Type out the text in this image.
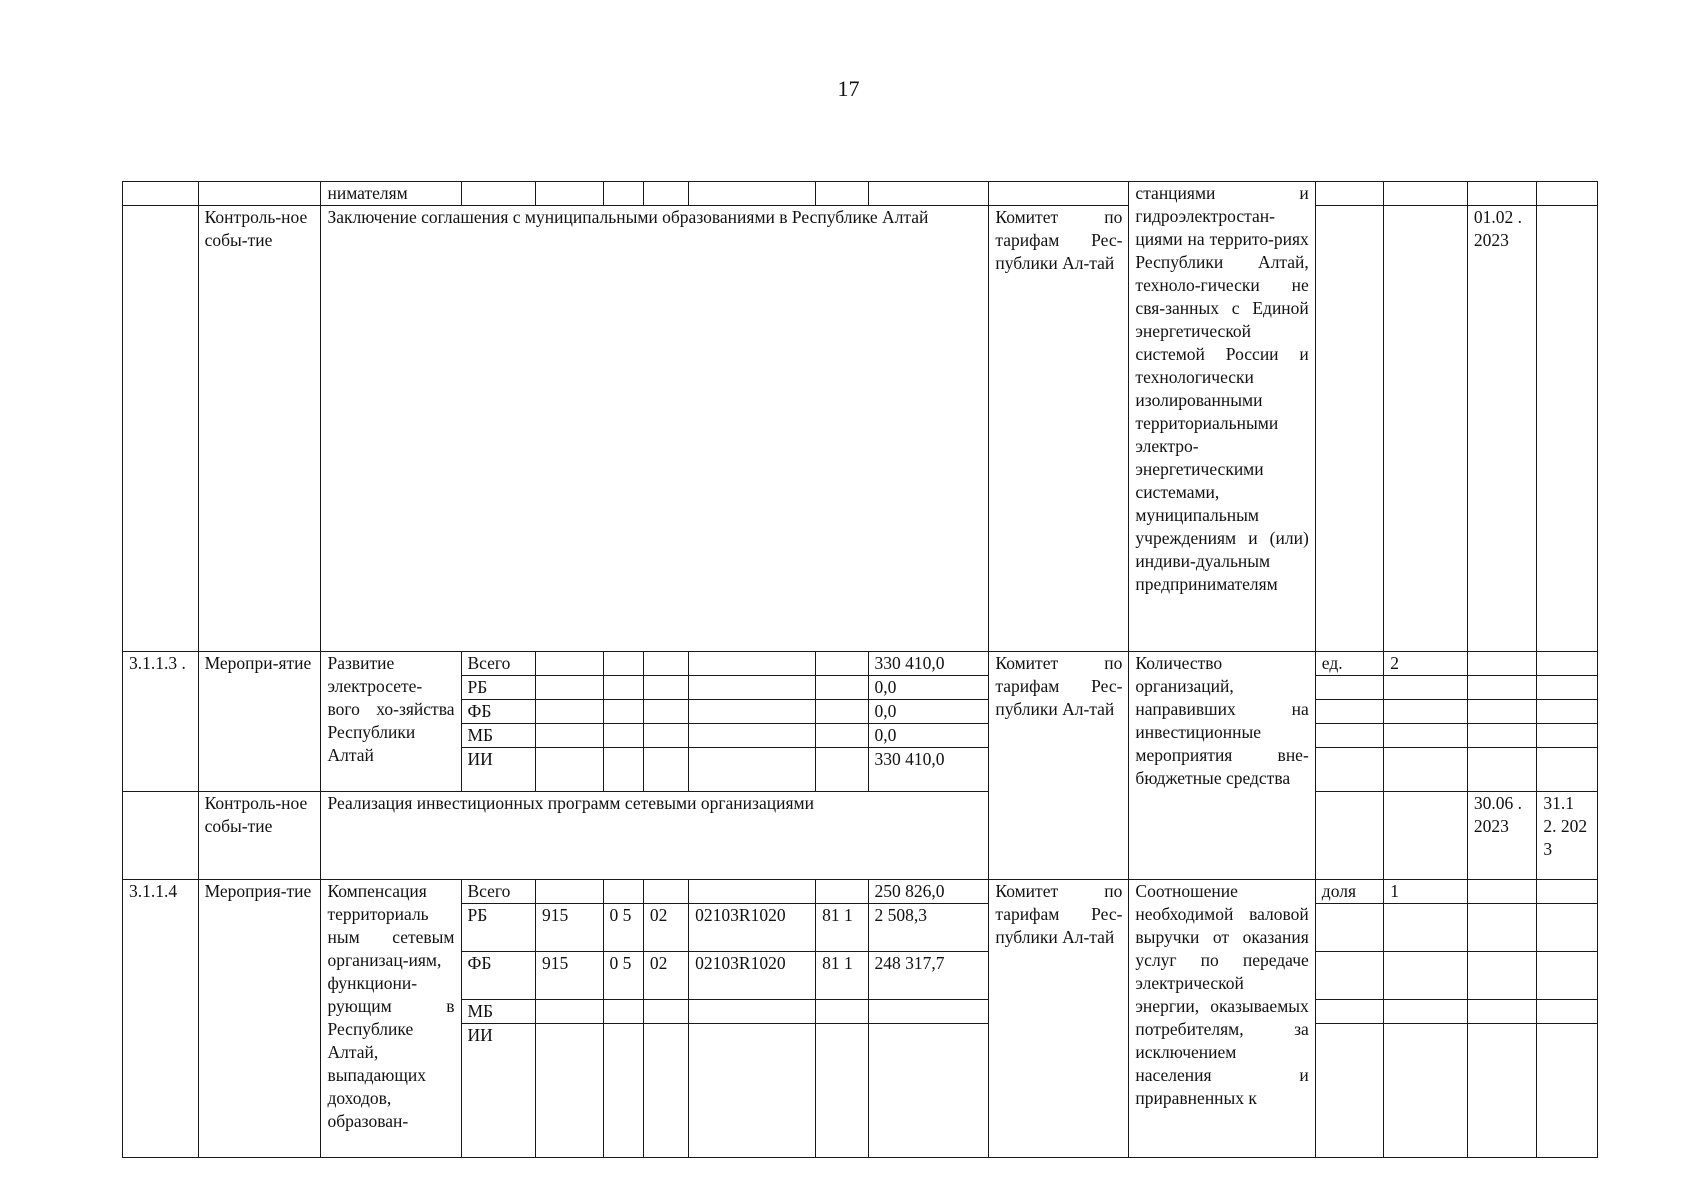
17
		нимателям									станциями и гидроэлектростан-циями на террито-риях Республики Алтай, техноло-гически не свя-занных с Единой энергетической системой России и технологически изолированными территориальными электро-энергетическими системами, муниципальным учреждениям и (или) индиви-дуальным предпринимателям				
	Контроль-ное собы-тие	Заключение соглашения с муниципальными образованиями в Республике Алтай								Комитет по тарифам Рес-публики Ал-тай				01.02 . 2023	
3.1.1.3 .	Меропри-ятие	Развитие электросете-вого хо-зяйства Республики Алтай	Всего						330 410,0	Комитет по тарифам Рес-публики Ал-тай	Количество организаций, направивших на инвестиционные мероприятия вне-бюджетные средства	ед.	2		
			РБ						0,0						
			ФБ						0,0						
			МБ						0,0						
			ИИ						330 410,0						
	Контроль-ное собы-тие	Реализация инвестиционных программ сетевыми организациями												30.06 . 2023	31.1 2. 202 3
3.1.1.4	Мероприя-тие	Компенсация территориаль ным сетевым организац-иям, функциони-рующим в Республике Алтай, выпадающих доходов, образован-	Всего						250 826,0	Комитет по тарифам Рес-публики Ал-тай	Соотношение необходимой валовой выручки от оказания услуг по передаче электрической энергии, оказываемых потребителям, за исключением населения и приравненных к	доля	1		
			РБ	915	0 5	02	02103R1020	81 1	2 508,3						
			ФБ	915	0 5	02	02103R1020	81 1	248 317,7						
			МБ												
			ИИ												
